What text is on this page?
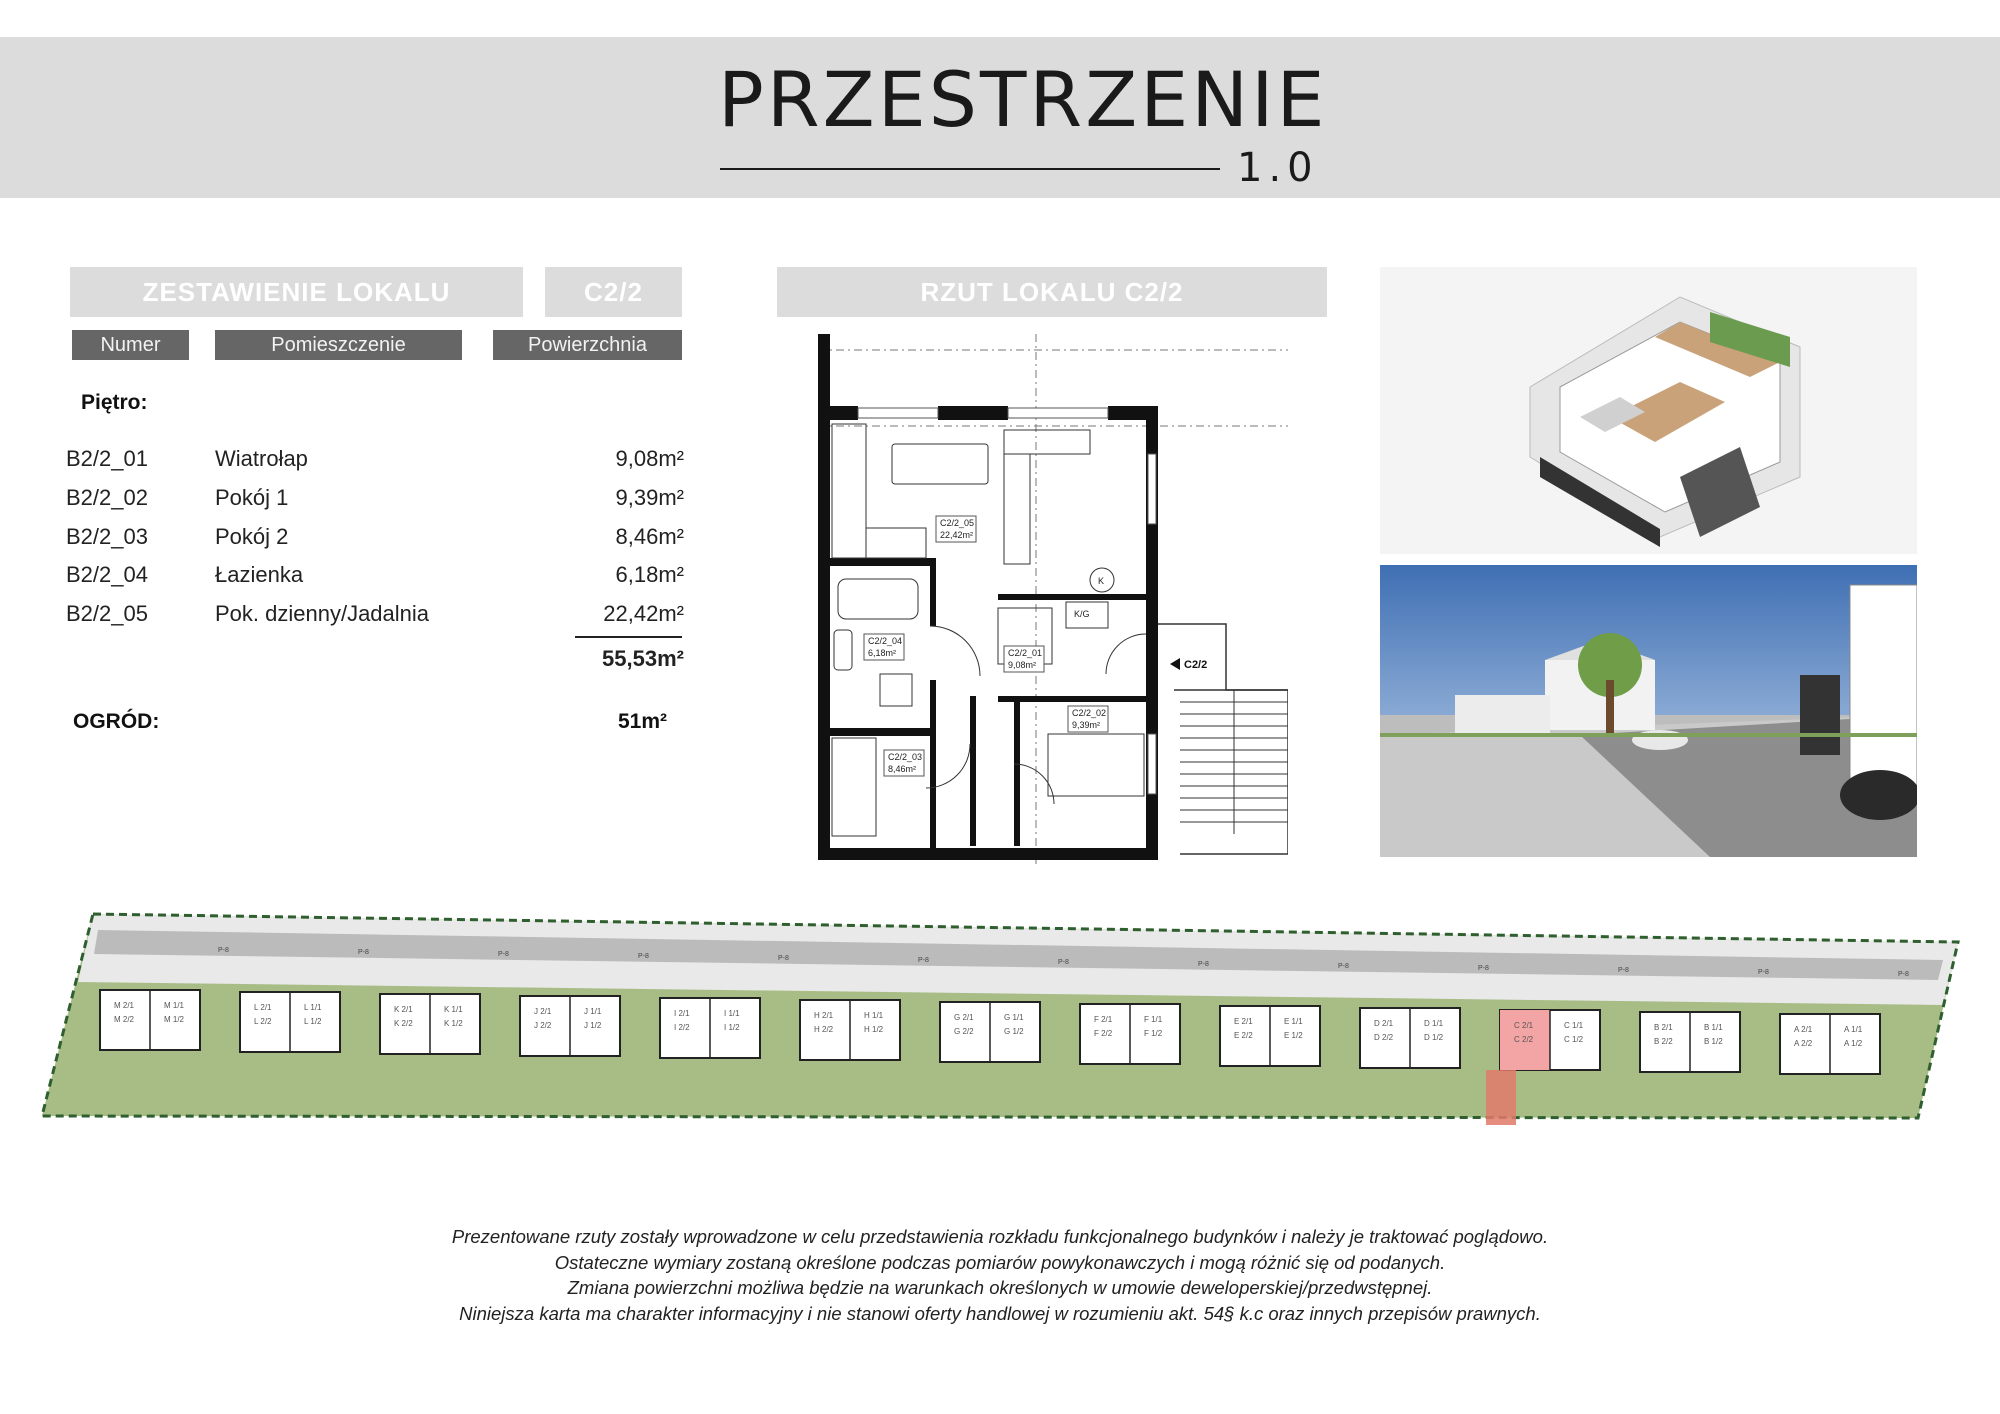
PRZESTRZENIE
1.0
ZESTAWIENIE LOKALU	C2/2
Numer	Pomieszczenie	Powierzchnia
Piętro:
B2/2_01	Wiatrołap	9,08m²
B2/2_02	Pokój 1	9,39m²
B2/2_03	Pokój 2	8,46m²
B2/2_04	Łazienka	6,18m²
B2/2_05	Pok. dzienny/Jadalnia	22,42m²
55,53m²
OGRÓD:	51m²
RZUT LOKALU C2/2
C2/2_05
22,42m²
C2/2_04
6,18m²	C2/2_01
9,08m²
C2/2_02
9,39m²
C2/2_03
8,46m²
K/G
K
C2/2
M 2/1	M 1/1
M 2/2	M 1/2
P-8
L 2/1	L 1/1
L 2/2	L 1/2
P-8
K 2/1	K 1/1
K 2/2	K 1/2
P-8
J 2/1	J 1/1
J 2/2	J 1/2
P-8
I 2/1	I 1/1
I 2/2	I 1/2
P-8
H 2/1	H 1/1
H 2/2	H 1/2
P-8
G 2/1	G 1/1
G 2/2	G 1/2
P-8
F 2/1	F 1/1
F 2/2	F 1/2
P-8
E 2/1	E 1/1
E 2/2	E 1/2
P-8
D 2/1	D 1/1
D 2/2	D 1/2
P-8
C 2/1	C 1/1
C 2/2	C 1/2
P-8
B 2/1	B 1/1
B 2/2	B 1/2
P-8
A 2/1	A 1/1
A 2/2	A 1/2
P-8
Prezentowane rzuty zostały wprowadzone w celu przedstawienia rozkładu funkcjonalnego budynków i należy je traktować poglądowo.
Ostateczne wymiary zostaną określone podczas pomiarów powykonawczych i mogą różnić się od podanych.
Zmiana powierzchni możliwa będzie na warunkach określonych w umowie deweloperskiej/przedwstępnej.
Niniejsza karta ma charakter informacyjny i nie stanowi oferty handlowej w rozumieniu akt. 54§ k.c oraz innych przepisów prawnych.
